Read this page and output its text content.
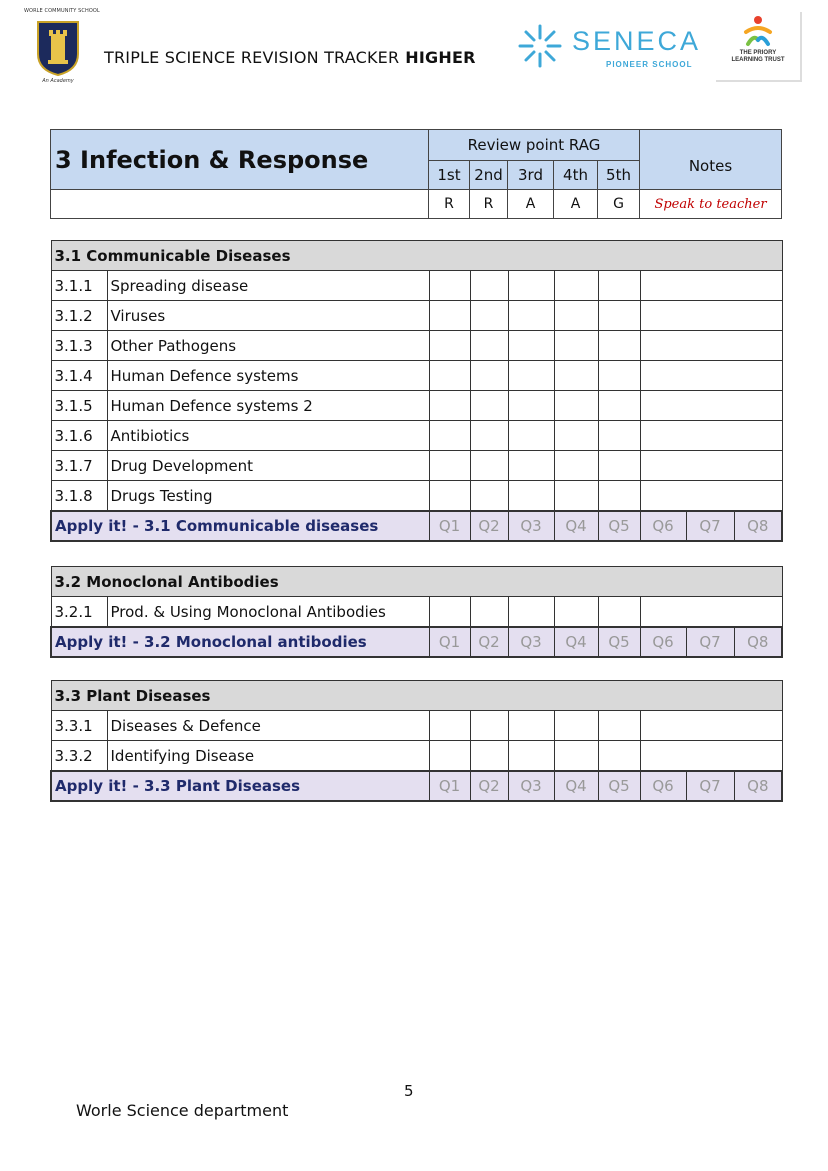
WORLE COMMUNITY SCHOOL
An Academy
TRIPLE SCIENCE REVISION TRACKER HIGHER
SENECA
PIONEER SCHOOL
THE PRIORY
LEARNING TRUST
3 Infection & Response	Review point RAG					Notes
	1st	2nd	3rd	4th	5th	
	R	R	A	A	G	Speak to teacher
3.1 Communicable Diseases									
3.1.1	Spreading disease								
3.1.2	Viruses								
3.1.3	Other Pathogens								
3.1.4	Human Defence systems								
3.1.5	Human Defence systems 2								
3.1.6	Antibiotics								
3.1.7	Drug Development								
3.1.8	Drugs Testing								
Apply it! - 3.1 Communicable diseases		Q1	Q2	Q3	Q4	Q5	Q6	Q7	Q8
3.2 Monoclonal Antibodies									
3.2.1	Prod. & Using Monoclonal Antibodies								
Apply it! - 3.2 Monoclonal antibodies		Q1	Q2	Q3	Q4	Q5	Q6	Q7	Q8
3.3 Plant Diseases									
3.3.1	Diseases & Defence								
3.3.2	Identifying Disease								
Apply it! - 3.3 Plant Diseases		Q1	Q2	Q3	Q4	Q5	Q6	Q7	Q8
5
Worle Science department
